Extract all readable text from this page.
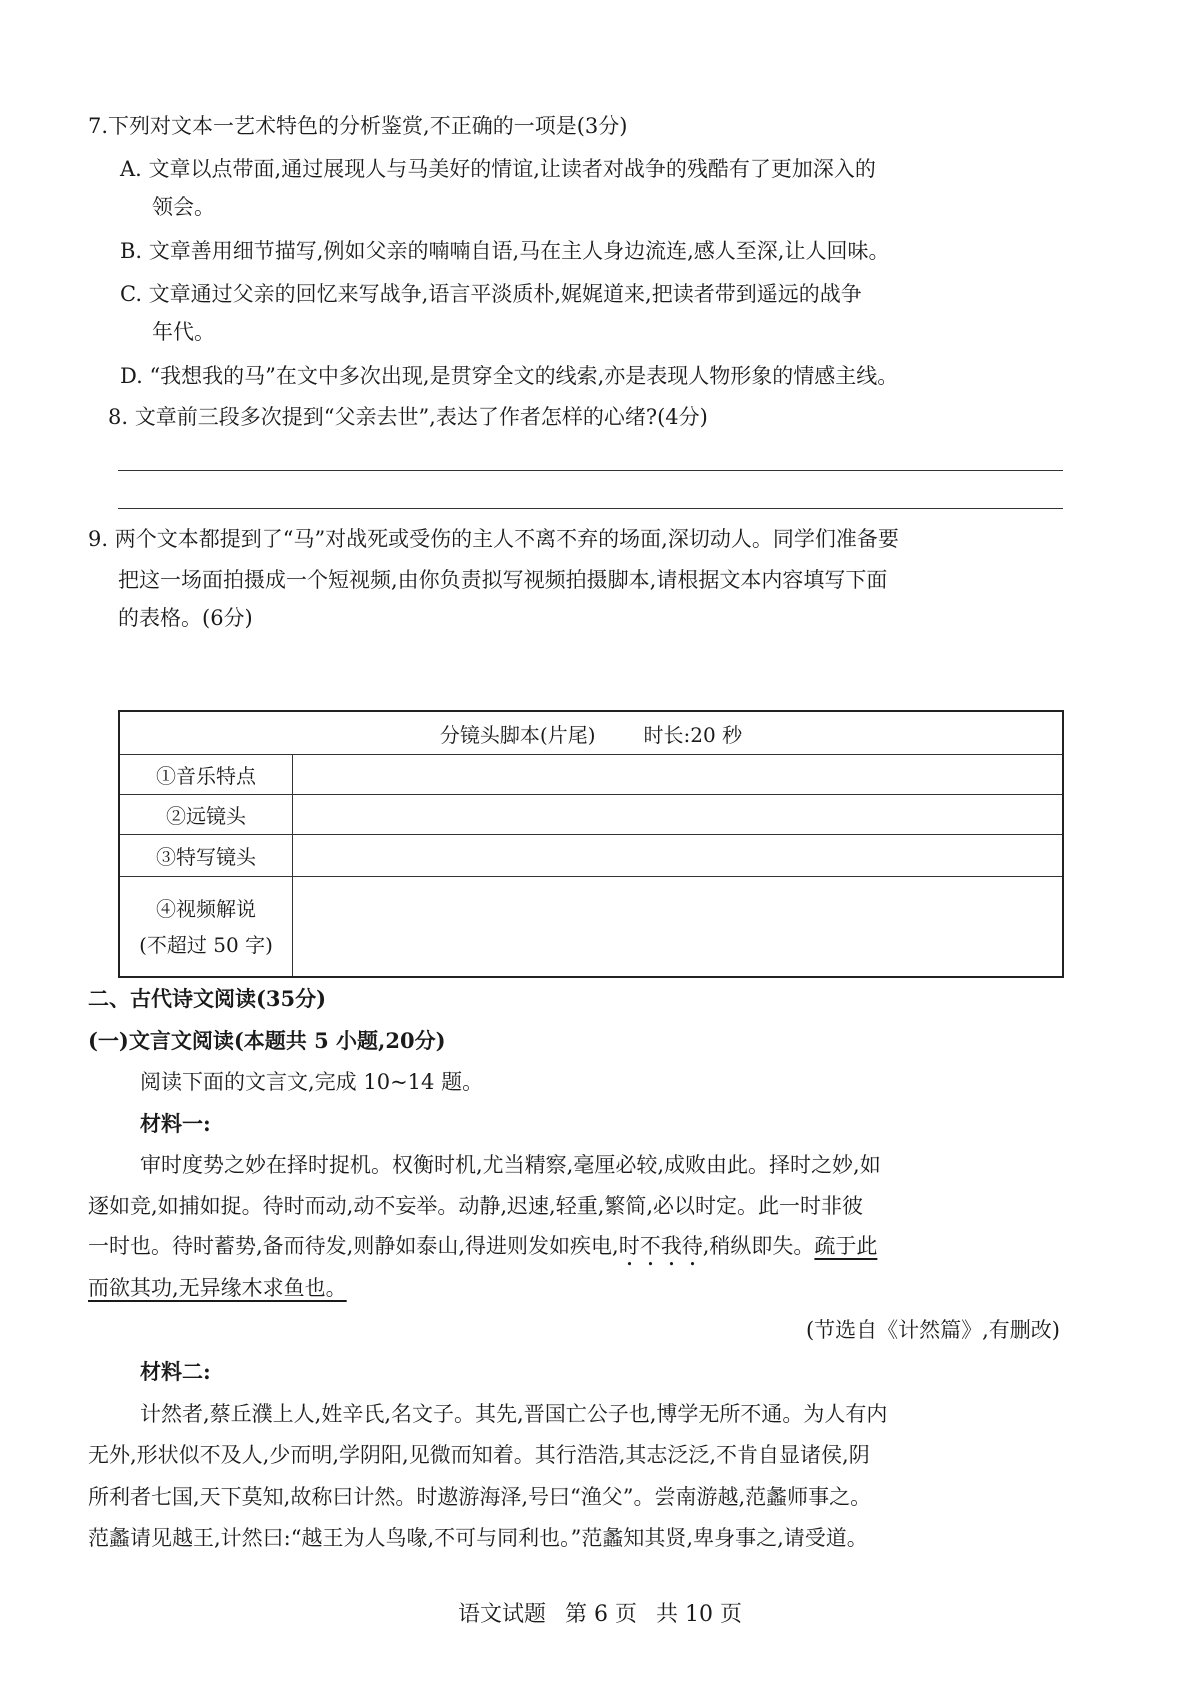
7.下列对文本一艺术特色的分析鉴赏,不正确的一项是(3分)
A. 文章以点带面,通过展现人与马美好的情谊,让读者对战争的残酷有了更加深入的
领会。
B. 文章善用细节描写,例如父亲的喃喃自语,马在主人身边流连,感人至深,让人回味。
C. 文章通过父亲的回忆来写战争,语言平淡质朴,娓娓道来,把读者带到遥远的战争
年代。
D. “我想我的马”在文中多次出现,是贯穿全文的线索,亦是表现人物形象的情感主线。
8. 文章前三段多次提到“父亲去世”,表达了作者怎样的心绪?(4分)
9. 两个文本都提到了“马”对战死或受伤的主人不离不弃的场面,深切动人。同学们准备要
把这一场面拍摄成一个短视频,由你负责拟写视频拍摄脚本,请根据文本内容填写下面
的表格。(6分)
分镜头脚本(片尾) 时长:20 秒	
①音乐特点	
②远镜头	
③特写镜头	

④视频解说
(不超过 50 字)	

二、古代诗文阅读(35分)
(一)文言文阅读(本题共 5 小题,20分)
阅读下面的文言文,完成 10~14 题。
材料一:
审时度势之妙在择时捉机。权衡时机,尤当精察,毫厘必较,成败由此。择时之妙,如
逐如竞,如捕如捉。待时而动,动不妄举。动静,迟速,轻重,繁简,必以时定。此一时非彼
一时也。待时蓄势,备而待发,则静如泰山,得进则发如疾电,时不我待,稍纵即失。疏于此
而欲其功,无异缘木求鱼也。
(节选自《计然篇》,有删改)
材料二:
计然者,蔡丘濮上人,姓辛氏,名文子。其先,晋国亡公子也,博学无所不通。为人有内
无外,形状似不及人,少而明,学阴阳,见微而知着。其行浩浩,其志泛泛,不肯自显诸侯,阴
所利者七国,天下莫知,故称曰计然。时遨游海泽,号曰“渔父”。尝南游越,范蠡师事之。
范蠡请见越王,计然曰:“越王为人鸟喙,不可与同利也。”范蠡知其贤,卑身事之,请受道。
语文试题 第 6 页 共 10 页
